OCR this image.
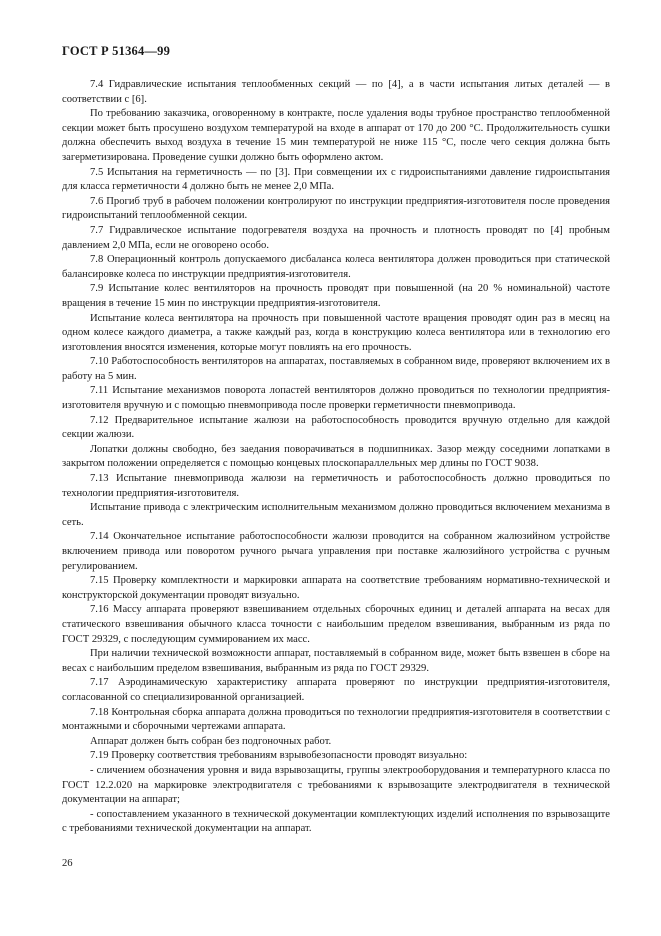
ГОСТ Р 51364—99

7.4 Гидравлические испытания теплообменных секций — по [4], а в части испытания литых деталей — в соответствии с [6].

По требованию заказчика, оговоренному в контракте, после удаления воды трубное пространство теплообменной секции может быть просушено воздухом температурой на входе в аппарат от 170 до 200 °С. Продолжительность сушки должна обеспечить выход воздуха в течение 15 мин температурой не ниже 115 °С, после чего секция должна быть загерметизирована. Проведение сушки должно быть оформлено актом.

7.5 Испытания на герметичность — по [3]. При совмещении их с гидроиспытаниями давление гидроиспытания для класса герметичности 4 должно быть не менее 2,0 МПа.

7.6 Прогиб труб в рабочем положении контролируют по инструкции предприятия-изготовителя после проведения гидроиспытаний теплообменной секции.

7.7 Гидравлическое испытание подогревателя воздуха на прочность и плотность проводят по [4] пробным давлением 2,0 МПа, если не оговорено особо.

7.8 Операционный контроль допускаемого дисбаланса колеса вентилятора должен проводиться при статической балансировке колеса по инструкции предприятия-изготовителя.

7.9 Испытание колес вентиляторов на прочность проводят при повышенной (на 20 % номинальной) частоте вращения в течение 15 мин по инструкции предприятия-изготовителя.

Испытание колеса вентилятора на прочность при повышенной частоте вращения проводят один раз в месяц на одном колесе каждого диаметра, а также каждый раз, когда в конструкцию колеса вентилятора или в технологию его изготовления вносятся изменения, которые могут повлиять на его прочность.

7.10 Работоспособность вентиляторов на аппаратах, поставляемых в собранном виде, проверяют включением их в работу на 5 мин.

7.11 Испытание механизмов поворота лопастей вентиляторов должно проводиться по технологии предприятия-изготовителя вручную и с помощью пневмопривода после проверки герметичности пневмопривода.

7.12 Предварительное испытание жалюзи на работоспособность проводится вручную отдельно для каждой секции жалюзи.

Лопатки должны свободно, без заедания поворачиваться в подшипниках. Зазор между соседними лопатками в закрытом положении определяется с помощью концевых плоскопараллельных мер длины по ГОСТ 9038.

7.13 Испытание пневмопривода жалюзи на герметичность и работоспособность должно проводиться по технологии предприятия-изготовителя.

Испытание привода с электрическим исполнительным механизмом должно проводиться включением механизма в сеть.

7.14 Окончательное испытание работоспособности жалюзи проводится на собранном жалюзийном устройстве включением привода или поворотом ручного рычага управления при поставке жалюзийного устройства с ручным регулированием.

7.15 Проверку комплектности и маркировки аппарата на соответствие требованиям нормативно-технической и конструкторской документации проводят визуально.

7.16 Массу аппарата проверяют взвешиванием отдельных сборочных единиц и деталей аппарата на весах для статического взвешивания обычного класса точности с наибольшим пределом взвешивания, выбранным из ряда по ГОСТ 29329, с последующим суммированием их масс.

При наличии технической возможности аппарат, поставляемый в собранном виде, может быть взвешен в сборе на весах с наибольшим пределом взвешивания, выбранным из ряда по ГОСТ 29329.

7.17 Аэродинамическую характеристику аппарата проверяют по инструкции предприятия-изготовителя, согласованной со специализированной организацией.

7.18 Контрольная сборка аппарата должна проводиться по технологии предприятия-изготовителя в соответствии с монтажными и сборочными чертежами аппарата.

Аппарат должен быть собран без подгоночных работ.

7.19 Проверку соответствия требованиям взрывобезопасности проводят визуально:

- сличением обозначения уровня и вида взрывозащиты, группы электрооборудования и температурного класса по ГОСТ 12.2.020 на маркировке электродвигателя с требованиями к взрывозащите электродвигателя в технической документации на аппарат;

- сопоставлением указанного в технической документации комплектующих изделий исполнения по взрывозащите с требованиями технической документации на аппарат.

26
